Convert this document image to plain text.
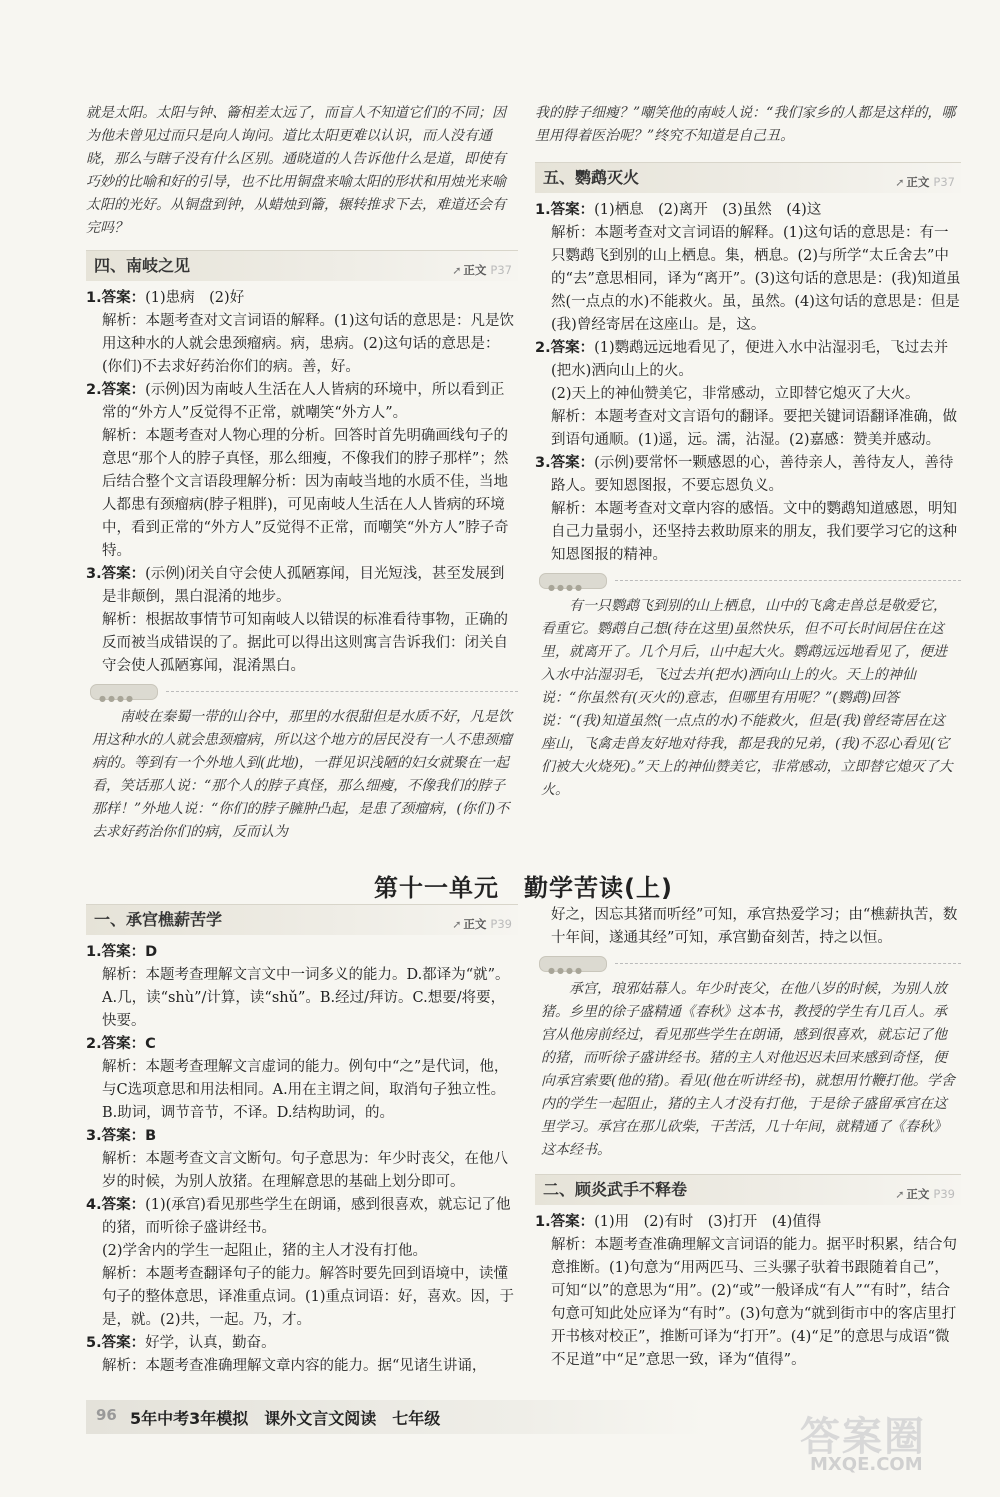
就是太阳。太阳与钟、籥相差太远了，而盲人不知道它们的不同；因为他未曾见过而只是向人询问。道比太阳更难以认识，而人没有通晓，那么与瞎子没有什么区别。通晓道的人告诉他什么是道，即使有巧妙的比喻和好的引导，也不比用铜盘来喻太阳的形状和用烛光来喻太阳的光好。从铜盘到钟，从蜡烛到籥，辗转推求下去，难道还会有完吗？

四、南岐之见	➚ 正文 P37

1.答案：(1)患病　(2)好

解析：本题考查对文言词语的解释。(1)这句话的意思是：凡是饮用这种水的人就会患颈瘤病。病，患病。(2)这句话的意思是：(你们)不去求好药治你们的病。善，好。

2.答案：(示例)因为南岐人生活在人人皆病的环境中，所以看到正常的“外方人”反觉得不正常，就嘲笑“外方人”。

解析：本题考查对人物心理的分析。回答时首先明确画线句子的意思“那个人的脖子真怪，那么细瘦，不像我们的脖子那样”；然后结合整个文言语段理解分析：因为南岐当地的水质不佳，当地人都患有颈瘤病(脖子粗胖)，可见南岐人生活在人人皆病的环境中，看到正常的“外方人”反觉得不正常，而嘲笑“外方人”脖子奇特。

3.答案：(示例)闭关自守会使人孤陋寡闻，目光短浅，甚至发展到是非颠倒，黑白混淆的地步。

解析：根据故事情节可知南岐人以错误的标准看待事物，正确的反而被当成错误的了。据此可以得出这则寓言告诉我们：闭关自守会使人孤陋寡闻，混淆黑白。

●●●●

南岐在秦蜀一带的山谷中，那里的水很甜但是水质不好，凡是饮用这种水的人就会患颈瘤病，所以这个地方的居民没有一人不患颈瘤病的。等到有一个外地人到(此地)，一群见识浅陋的妇女就聚在一起看，笑话那人说：“那个人的脖子真怪，那么细瘦，不像我们的脖子那样！”外地人说：“你们的脖子臃肿凸起，是患了颈瘤病，(你们)不去求好药治你们的病，反而认为

我的脖子细瘦？”嘲笑他的南岐人说：“我们家乡的人都是这样的，哪里用得着医治呢？”终究不知道是自己丑。

五、鹦鹉灭火	➚ 正文 P37

1.答案：(1)栖息　(2)离开　(3)虽然　(4)这

解析：本题考查对文言词语的解释。(1)这句话的意思是：有一只鹦鹉飞到别的山上栖息。集，栖息。(2)与所学“太丘舍去”中的“去”意思相同，译为“离开”。(3)这句话的意思是：(我)知道虽然(一点点的水)不能救火。虽，虽然。(4)这句话的意思是：但是(我)曾经寄居在这座山。是，这。

2.答案：(1)鹦鹉远远地看见了，便进入水中沾湿羽毛，飞过去并(把水)洒向山上的火。

(2)天上的神仙赞美它，非常感动，立即替它熄灭了大火。

解析：本题考查对文言语句的翻译。要把关键词语翻译准确，做到语句通顺。(1)遥，远。濡，沾湿。(2)嘉感：赞美并感动。

3.答案：(示例)要常怀一颗感恩的心，善待亲人，善待友人，善待路人。要知恩图报，不要忘恩负义。

解析：本题考查对文章内容的感悟。文中的鹦鹉知道感恩，明知自己力量弱小，还坚持去救助原来的朋友，我们要学习它的这种知恩图报的精神。

●●●●

有一只鹦鹉飞到别的山上栖息，山中的飞禽走兽总是敬爱它，看重它。鹦鹉自己想(待在这里)虽然快乐，但不可长时间居住在这里，就离开了。几个月后，山中起大火。鹦鹉远远地看见了，便进入水中沾湿羽毛，飞过去并(把水)洒向山上的火。天上的神仙说：“你虽然有(灭火的)意志，但哪里有用呢？”(鹦鹉)回答说：“(我)知道虽然(一点点的水)不能救火，但是(我)曾经寄居在这座山，飞禽走兽友好地对待我，都是我的兄弟，(我)不忍心看见(它们被大火烧死)。”天上的神仙赞美它，非常感动，立即替它熄灭了大火。

第十一单元　勤学苦读(上)
一、承宫樵薪苦学	➚ 正文 P39

1.答案：D

解析：本题考查理解文言文中一词多义的能力。D.都译为“就”。A.几，读“shù”/计算，读“shǔ”。B.经过/拜访。C.想要/将要，快要。

2.答案：C

解析：本题考查理解文言虚词的能力。例句中“之”是代词，他，与C选项意思和用法相同。A.用在主谓之间，取消句子独立性。B.助词，调节音节，不译。D.结构助词，的。

3.答案：B

解析：本题考查文言文断句。句子意思为：年少时丧父，在他八岁的时候，为别人放猪。在理解意思的基础上划分即可。

4.答案：(1)(承宫)看见那些学生在朗诵，感到很喜欢，就忘记了他的猪，而听徐子盛讲经书。

(2)学舍内的学生一起阻止，猪的主人才没有打他。

解析：本题考查翻译句子的能力。解答时要先回到语境中，读懂句子的整体意思，译准重点词。(1)重点词语：好，喜欢。因，于是，就。(2)共，一起。乃，才。

5.答案：好学，认真，勤奋。

解析：本题考查准确理解文章内容的能力。据“见诸生讲诵，

好之，因忘其猪而听经”可知，承宫热爱学习；由“樵薪执苦，数十年间，遂通其经”可知，承宫勤奋刻苦，持之以恒。

●●●●

承宫，琅邪姑幕人。年少时丧父，在他八岁的时候，为别人放猪。乡里的徐子盛精通《春秋》这本书，教授的学生有几百人。承宫从他房前经过，看见那些学生在朗诵，感到很喜欢，就忘记了他的猪，而听徐子盛讲经书。猪的主人对他迟迟未回来感到奇怪，便向承宫索要(他的猪)。看见(他在听讲经书)，就想用竹鞭打他。学舍内的学生一起阻止，猪的主人才没有打他，于是徐子盛留承宫在这里学习。承宫在那儿砍柴，干苦活，几十年间，就精通了《春秋》这本经书。

二、顾炎武手不释卷	➚ 正文 P39

1.答案：(1)用　(2)有时　(3)打开　(4)值得

解析：本题考查准确理解文言词语的能力。据平时积累，结合句意推断。(1)句意为“用两匹马、三头骡子驮着书跟随着自己”，可知“以”的意思为“用”。(2)“或”一般译成“有人”“有时”，结合句意可知此处应译为“有时”。(3)句意为“就到街市中的客店里打开书核对校正”，推断可译为“打开”。(4)“足”的意思与成语“微不足道”中“足”意思一致，译为“值得”。

96 5年中考3年模拟　课外文言文阅读　七年级	答案圈
MXQE.COM
